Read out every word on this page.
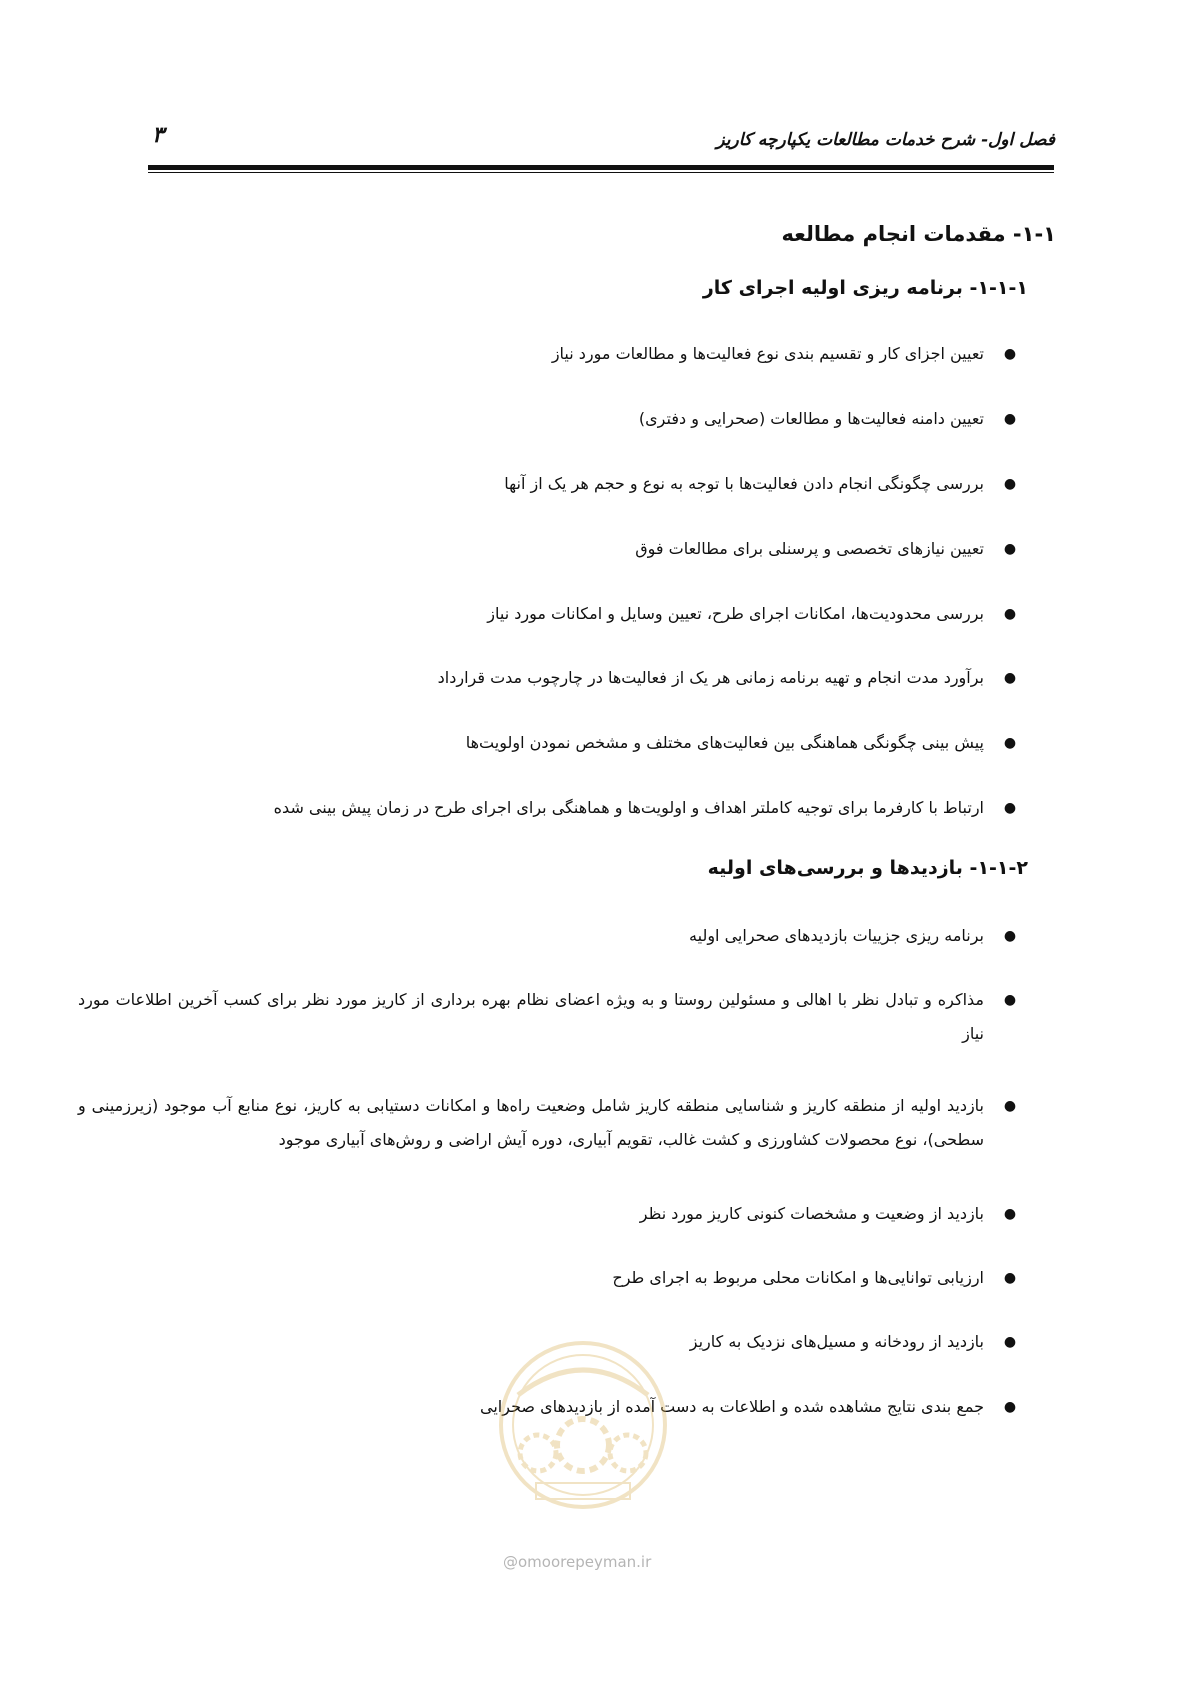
فصل اول- شرح خدمات مطالعات یکپارچه کاریز
۳
۱-۱- مقدمات انجام مطالعه
۱-۱-۱- برنامه ریزی اولیه اجرای کار
●
تعیین اجزای کار و تقسیم بندی نوع فعالیت‌ها و مطالعات مورد نیاز
●
تعیین دامنه فعالیت‌ها و مطالعات (صحرایی و دفتری)
●
بررسی چگونگی انجام دادن فعالیت‌ها با توجه به نوع و حجم هر یک از آنها
●
تعیین نیازهای تخصصی و پرسنلی برای مطالعات فوق
●
بررسی محدودیت‌ها، امکانات اجرای طرح، تعیین وسایل و امکانات مورد نیاز
●
برآورد مدت انجام و تهیه برنامه زمانی هر یک از فعالیت‌ها در چارچوب مدت قرارداد
●
پیش بینی چگونگی هماهنگی بین فعالیت‌های مختلف و مشخص نمودن اولویت‌ها
●
ارتباط با کارفرما برای توجیه کاملتر اهداف و اولویت‌ها و هماهنگی برای اجرای طرح در زمان پیش بینی شده
۱-۱-۲- بازدیدها و بررسی‌های اولیه
●
برنامه ریزی جزییات بازدیدهای صحرایی اولیه
●
مذاکره و تبادل نظر با اهالی و مسئولین روستا و به ویژه اعضای نظام بهره برداری از کاریز مورد نظر برای کسب آخرین اطلاعات مورد نیاز
●
بازدید اولیه از منطقه کاریز و شناسایی منطقه کاریز شامل وضعیت راه‌ها و امکانات دستیابی به کاریز، نوع منابع آب موجود (زیرزمینی و سطحی)، نوع محصولات کشاورزی و کشت غالب، تقویم آبیاری، دوره آیش اراضی و روش‌های آبیاری موجود
●
بازدید از وضعیت و مشخصات کنونی کاریز مورد نظر
●
ارزیابی توانایی‌ها و امکانات محلی مربوط به اجرای طرح
●
بازدید از رودخانه و مسیل‌های نزدیک به کاریز
●
جمع بندی نتایج مشاهده شده و اطلاعات به دست آمده از بازدیدهای صحرایی
@omoorepeyman.ir
